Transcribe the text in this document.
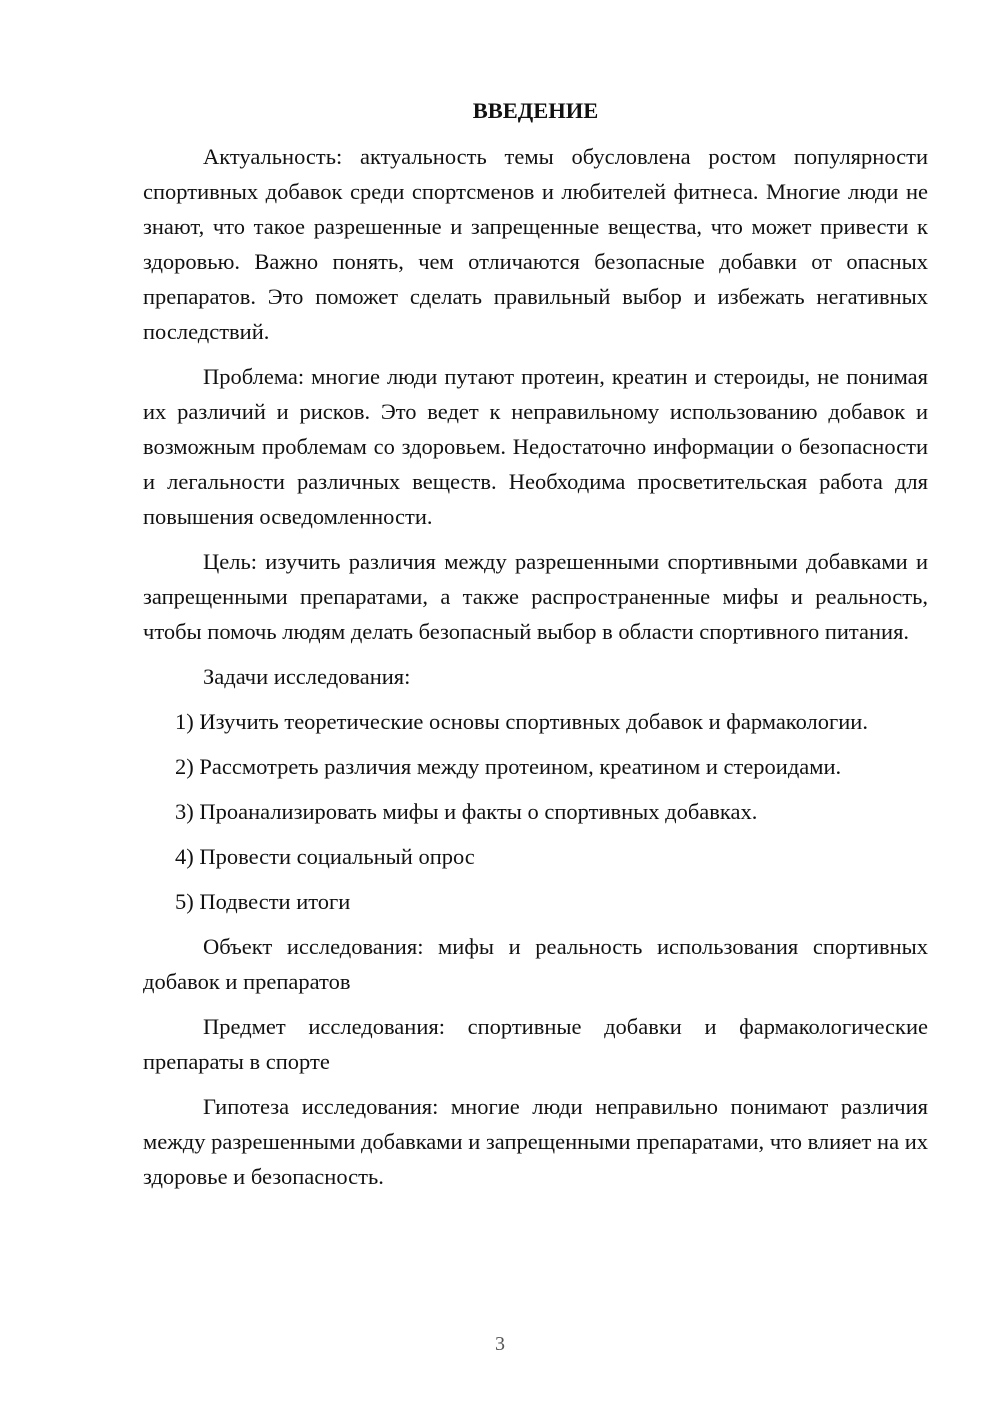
ВВЕДЕНИЕ

Актуальность: актуальность темы обусловлена ростом популярности спортивных добавок среди спортсменов и любителей фитнеса. Многие люди не знают, что такое разрешенные и запрещенные вещества, что может привести к здоровью. Важно понять, чем отличаются безопасные добавки от опасных препаратов. Это поможет сделать правильный выбор и избежать негативных последствий.

Проблема: многие люди путают протеин, креатин и стероиды, не понимая их различий и рисков. Это ведет к неправильному использованию добавок и возможным проблемам со здоровьем. Недостаточно информации о безопасности и легальности различных веществ. Необходима просветительская работа для повышения осведомленности.

Цель: изучить различия между разрешенными спортивными добавками и запрещенными препаратами, а также распространенные мифы и реальность, чтобы помочь людям делать безопасный выбор в области спортивного питания.

Задачи исследования:

1) Изучить теоретические основы спортивных добавок и фармакологии.

2) Рассмотреть различия между протеином, креатином и стероидами.

3) Проанализировать мифы и факты о спортивных добавках.

4) Провести социальный опрос

5) Подвести итоги

Объект исследования: мифы и реальность использования спортивных добавок и препаратов

Предмет исследования: спортивные добавки и фармакологические препараты в спорте

Гипотеза исследования: многие люди неправильно понимают различия между разрешенными добавками и запрещенными препаратами, что влияет на их здоровье и безопасность.

3
